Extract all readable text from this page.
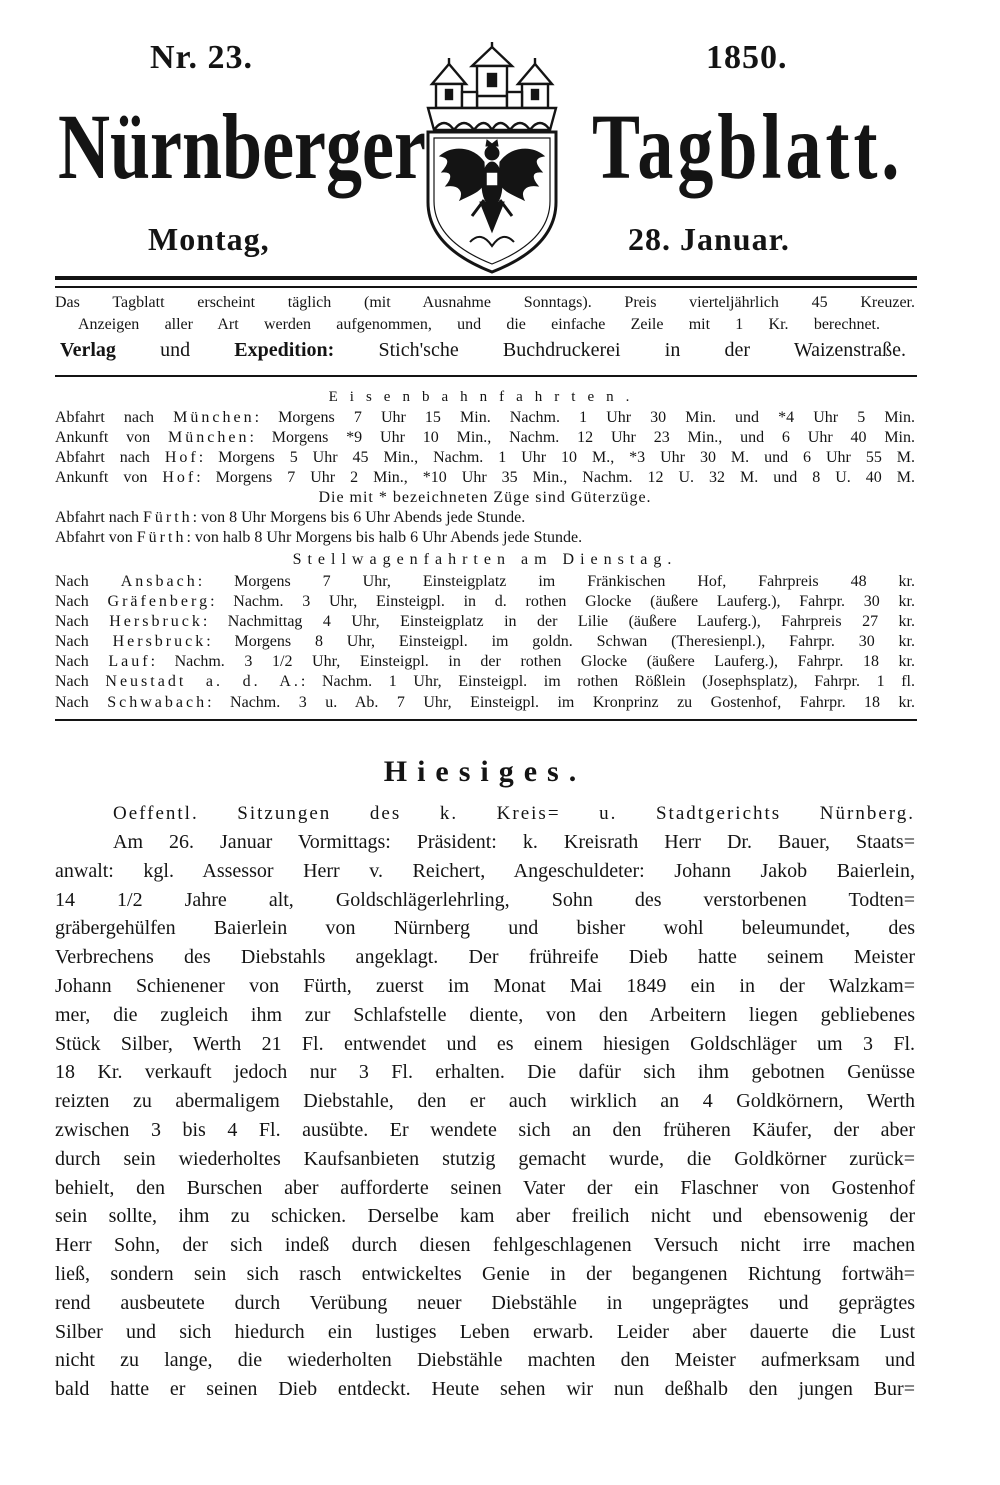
Nr. 23.	1850.
Nürnberger Tagblatt.
Montag,	28. Januar.
Das Tagblatt erscheint täglich (mit Ausnahme Sonntags). Preis vierteljährlich 45 Kreuzer.
Anzeigen aller Art werden aufgenommen, und die einfache Zeile mit 1 Kr. berechnet.
Verlag und Expedition: Stich'sche Buchdruckerei in der Waizenstraße.
Eisenbahnfahrten.
Abfahrt nach München: Morgens 7 Uhr 15 Min. Nachm. 1 Uhr 30 Min. und *4 Uhr 5 Min.
Ankunft von München: Morgens *9 Uhr 10 Min., Nachm. 12 Uhr 23 Min., und 6 Uhr 40 Min.
Abfahrt nach Hof: Morgens 5 Uhr 45 Min., Nachm. 1 Uhr 10 M., *3 Uhr 30 M. und 6 Uhr 55 M.
Ankunft von Hof: Morgens 7 Uhr 2 Min., *10 Uhr 35 Min., Nachm. 12 U. 32 M. und 8 U. 40 M.
Die mit * bezeichneten Züge sind Güterzüge.
Abfahrt nach Fürth: von 8 Uhr Morgens bis 6 Uhr Abends jede Stunde.
Abfahrt von Fürth: von halb 8 Uhr Morgens bis halb 6 Uhr Abends jede Stunde.
Stellwagenfahrten am Dienstag.
Nach Ansbach: Morgens 7 Uhr, Einsteigplatz im Fränkischen Hof, Fahrpreis 48 kr.
Nach Gräfenberg: Nachm. 3 Uhr, Einsteigpl. in d. rothen Glocke (äußere Lauferg.), Fahrpr. 30 kr.
Nach Hersbruck: Nachmittag 4 Uhr, Einsteigplatz in der Lilie (äußere Lauferg.), Fahrpreis 27 kr.
Nach Hersbruck: Morgens 8 Uhr, Einsteigpl. im goldn. Schwan (Theresienpl.), Fahrpr. 30 kr.
Nach Lauf: Nachm. 3 1/2 Uhr, Einsteigpl. in der rothen Glocke (äußere Lauferg.), Fahrpr. 18 kr.
Nach Neustadt a. d. A.: Nachm. 1 Uhr, Einsteigpl. im rothen Rößlein (Josephsplatz), Fahrpr. 1 fl.
Nach Schwabach: Nachm. 3 u. Ab. 7 Uhr, Einsteigpl. im Kronprinz zu Gostenhof, Fahrpr. 18 kr.
Hiesiges.
Oeffentl. Sitzungen des k. Kreis= u. Stadtgerichts Nürnberg.
Am 26. Januar Vormittags: Präsident: k. Kreisrath Herr Dr. Bauer, Staats=
anwalt: kgl. Assessor Herr v. Reichert, Angeschuldeter: Johann Jakob Baierlein,
14 1/2 Jahre alt, Goldschlägerlehrling, Sohn des verstorbenen Todten=
gräbergehülfen Baierlein von Nürnberg und bisher wohl beleumundet, des
Verbrechens des Diebstahls angeklagt. Der frühreife Dieb hatte seinem Meister
Johann Schienener von Fürth, zuerst im Monat Mai 1849 ein in der Walzkam=
mer, die zugleich ihm zur Schlafstelle diente, von den Arbeitern liegen gebliebenes
Stück Silber, Werth 21 Fl. entwendet und es einem hiesigen Goldschläger um 3 Fl.
18 Kr. verkauft jedoch nur 3 Fl. erhalten. Die dafür sich ihm gebotnen Genüsse
reizten zu abermaligem Diebstahle, den er auch wirklich an 4 Goldkörnern, Werth
zwischen 3 bis 4 Fl. ausübte. Er wendete sich an den früheren Käufer, der aber
durch sein wiederholtes Kaufsanbieten stutzig gemacht wurde, die Goldkörner zurück=
behielt, den Burschen aber aufforderte seinen Vater der ein Flaschner von Gostenhof
sein sollte, ihm zu schicken. Derselbe kam aber freilich nicht und ebensowenig der
Herr Sohn, der sich indeß durch diesen fehlgeschlagenen Versuch nicht irre machen
ließ, sondern sein sich rasch entwickeltes Genie in der begangenen Richtung fortwäh=
rend ausbeutete durch Verübung neuer Diebstähle in ungeprägtes und geprägtes
Silber und sich hiedurch ein lustiges Leben erwarb. Leider aber dauerte die Lust
nicht zu lange, die wiederholten Diebstähle machten den Meister aufmerksam und
bald hatte er seinen Dieb entdeckt. Heute sehen wir nun deßhalb den jungen Bur=
